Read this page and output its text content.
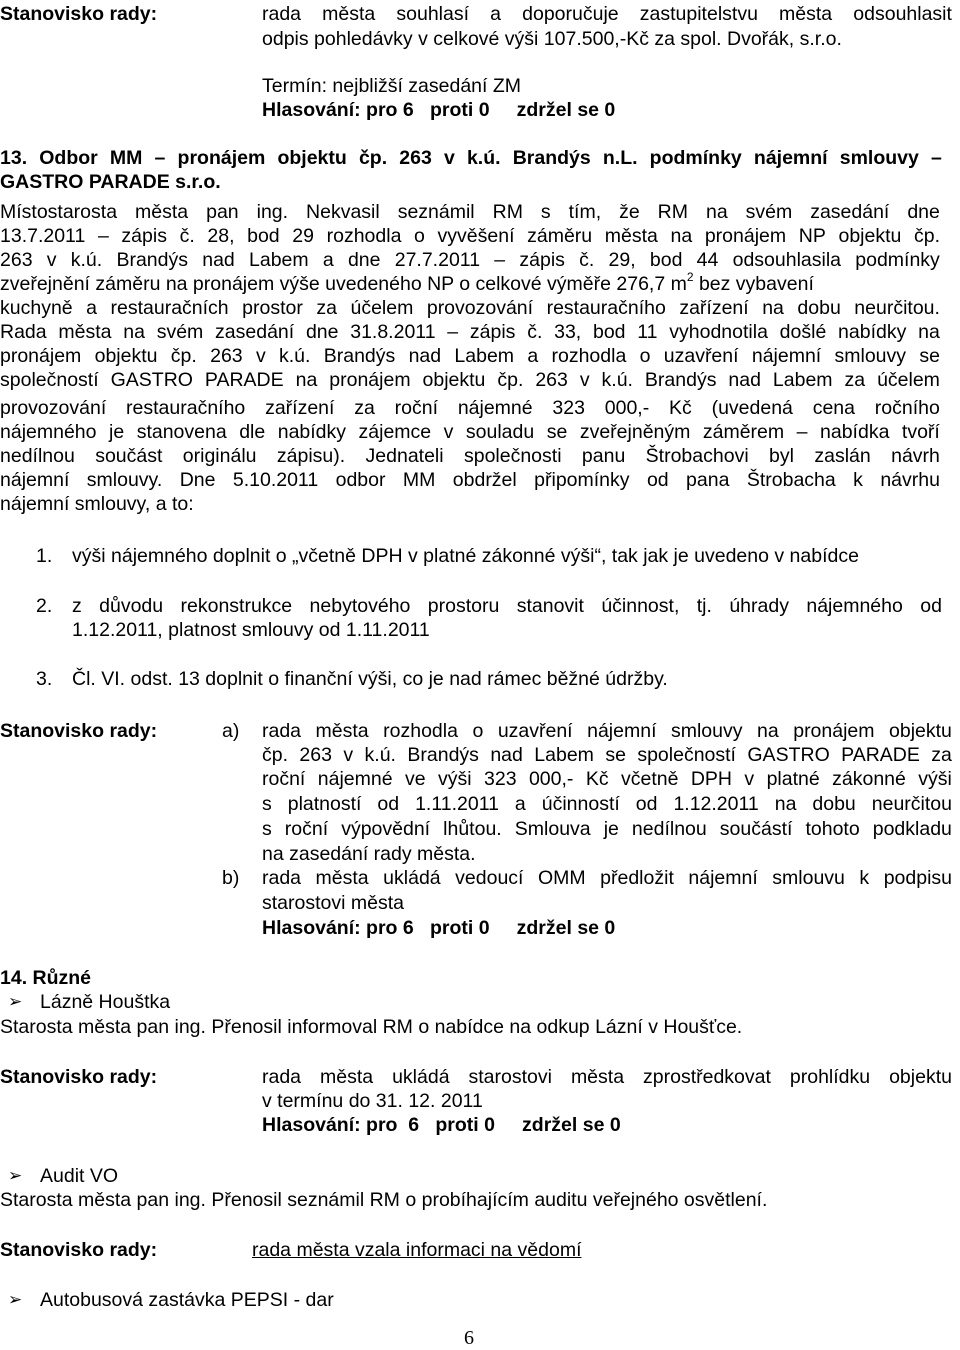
Stanovisko rady:	rada města souhlasí a doporučuje zastupitelstvu města odsouhlasit
odpis pohledávky v celkové výši 107.500,-Kč za spol. Dvořák, s.r.o.
Termín: nejbližší zasedání ZM
Hlasování: pro 6   proti 0     zdržel se 0
13. Odbor MM – pronájem objektu čp. 263 v k.ú. Brandýs n.L. podmínky nájemní smlouvy –
GASTRO PARADE s.r.o.
Místostarosta města pan ing. Nekvasil seznámil RM s tím, že RM na svém zasedání dne
13.7.2011 – zápis č. 28, bod 29 rozhodla o vyvěšení záměru města na pronájem NP objektu čp.
263 v k.ú. Brandýs nad Labem a dne 27.7.2011 – zápis č. 29, bod 44 odsouhlasila podmínky
zveřejnění záměru na pronájem výše uvedeného NP o celkové výměře 276,7 $m^2$ bez vybavení
kuchyně a restauračních prostor za účelem provozování restauračního zařízení na dobu neurčitou.
Rada města na svém zasedání dne 31.8.2011 – zápis č. 33, bod 11 vyhodnotila došlé nabídky na
pronájem objektu čp. 263 v k.ú. Brandýs nad Labem a rozhodla o uzavření nájemní smlouvy se
společností GASTRO PARADE na pronájem objektu čp. 263 v k.ú. Brandýs nad Labem za účelem
provozování restauračního zařízení za roční nájemné 323 000,- Kč (uvedená cena ročního
nájemného je stanovena dle nabídky zájemce v souladu se zveřejněným záměrem – nabídka tvoří
nedílnou součást originálu zápisu). Jednateli společnosti panu Štrobachovi byl zaslán návrh
nájemní smlouvy. Dne 5.10.2011 odbor MM obdržel připomínky od pana Štrobacha k návrhu
nájemní smlouvy, a to:
1. výši nájemného doplnit o „včetně DPH v platné zákonné výši“, tak jak je uvedeno v nabídce
2. z důvodu rekonstrukce nebytového prostoru stanovit účinnost, tj. úhrady nájemného od
1.12.2011, platnost smlouvy od 1.11.2011
3. Čl. VI. odst. 13 doplnit o finanční výši, co je nad rámec běžné údržby.
Stanovisko rady:	a) rada města rozhodla o uzavření nájemní smlouvy na pronájem objektu
čp. 263 v k.ú. Brandýs nad Labem se společností GASTRO PARADE za
roční nájemné ve výši 323 000,- Kč včetně DPH v platné zákonné výši
s platností od 1.11.2011 a účinností od 1.12.2011 na dobu neurčitou
s roční výpovědní lhůtou. Smlouva je nedílnou součástí tohoto podkladu
na zasedání rady města.
b) rada města ukládá vedoucí OMM předložit nájemní smlouvu k podpisu
starostovi města
Hlasování: pro 6   proti 0     zdržel se 0
14. Různé
➢ Lázně Houštka
Starosta města pan ing. Přenosil informoval RM o nabídce na odkup Lázní v Houšťce.
Stanovisko rady:	rada města ukládá starostovi města zprostředkovat prohlídku objektu
v termínu do 31. 12. 2011
Hlasování: pro  6   proti 0     zdržel se 0
➢ Audit VO
Starosta města pan ing. Přenosil seznámil RM o probíhajícím auditu veřejného osvětlení.
Stanovisko rady:	rada města vzala informaci na vědomí
➢ Autobusová zastávka PEPSI - dar
6
